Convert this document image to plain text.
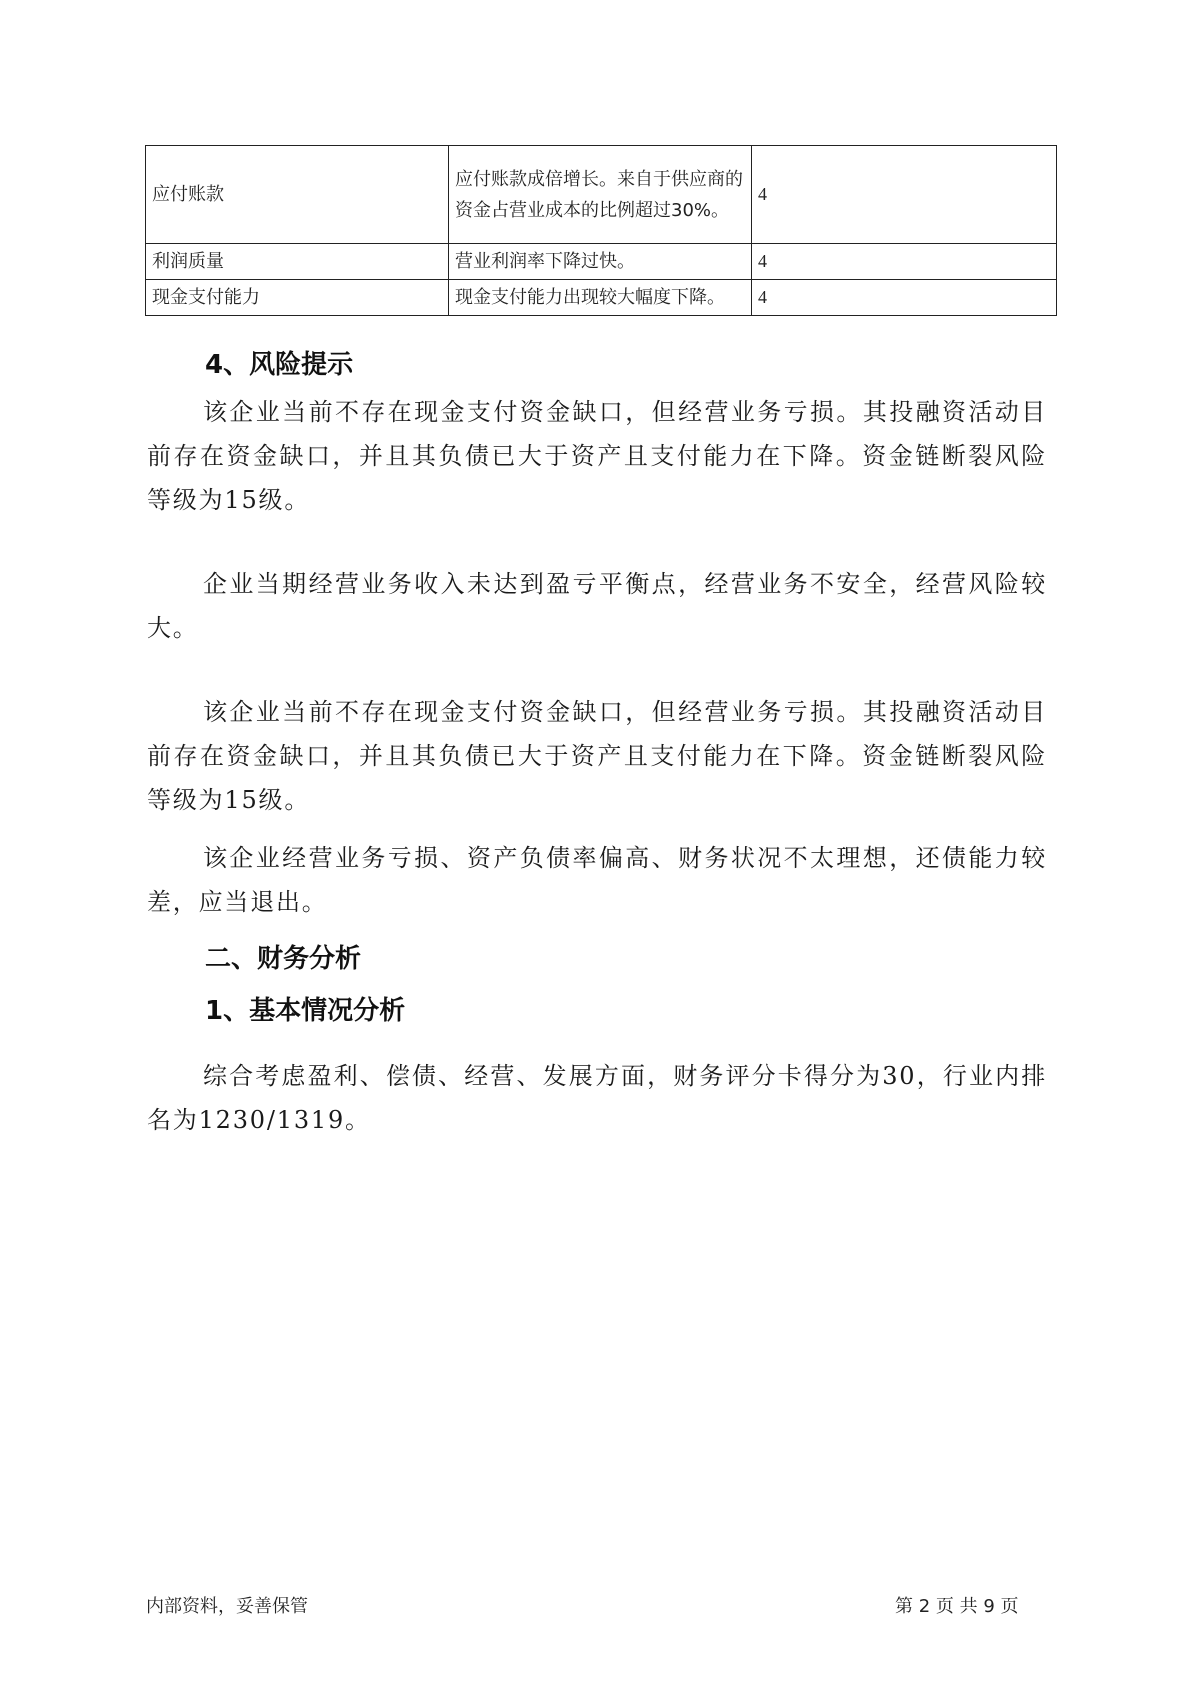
应付账款	应付账款成倍增长。来自于供应商的资金占营业成本的比例超过30%。	4
利润质量	营业利润率下降过快。	4
现金支付能力	现金支付能力出现较大幅度下降。	4
4、风险提示

该企业当前不存在现金支付资金缺口，但经营业务亏损。其投融资活动目前存在资金缺口，并且其负债已大于资产且支付能力在下降。资金链断裂风险等级为15级。

企业当期经营业务收入未达到盈亏平衡点，经营业务不安全，经营风险较大。

该企业当前不存在现金支付资金缺口，但经营业务亏损。其投融资活动目前存在资金缺口，并且其负债已大于资产且支付能力在下降。资金链断裂风险等级为15级。

该企业经营业务亏损、资产负债率偏高、财务状况不太理想，还债能力较差，应当退出。

二、财务分析
1、基本情况分析

综合考虑盈利、偿债、经营、发展方面，财务评分卡得分为30，行业内排名为1230/1319。

内部资料，妥善保管	第 2 页 共 9 页
